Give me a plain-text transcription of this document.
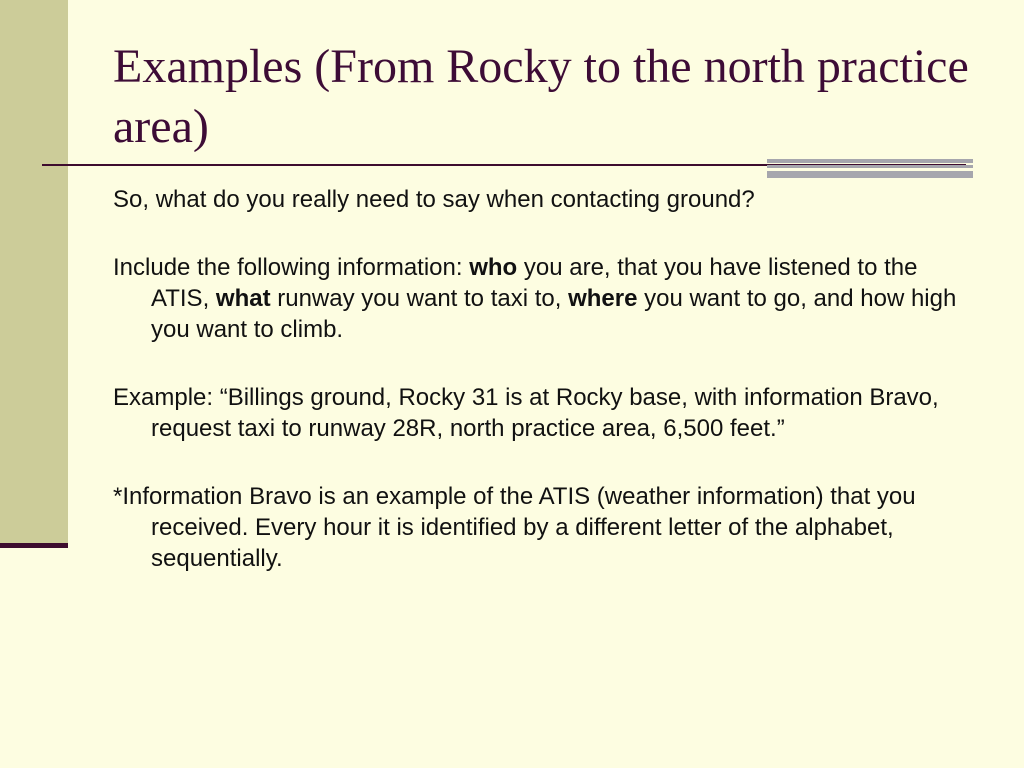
Examples (From Rocky to the north practice area)

So, what do you really need to say when contacting ground?

Include the following information: who you are, that you have listened to the ATIS, what runway you want to taxi to, where you want to go, and how high you want to climb.

Example: “Billings ground, Rocky 31 is at Rocky base, with information Bravo, request taxi to runway 28R, north practice area, 6,500 feet.”

*Information Bravo is an example of the ATIS (weather information) that you received. Every hour it is identified by a different letter of the alphabet, sequentially.
